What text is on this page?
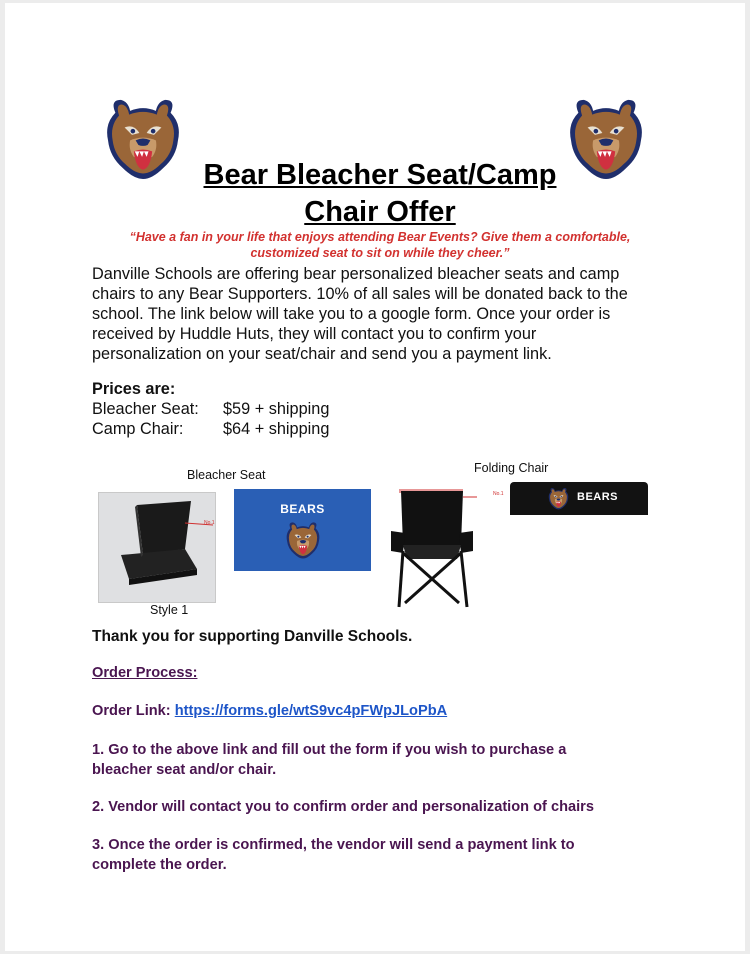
Bear Bleacher Seat/Camp
Chair Offer
“Have a fan in your life that enjoys attending Bear Events? Give them a comfortable,
customized seat to sit on while they cheer.”
Danville Schools are offering bear personalized bleacher seats and camp
chairs to any Bear Supporters. 10% of all sales will be donated back to the
school. The link below will take you to a google form. Once your order is
received by Huddle Huts, they will contact you to confirm your
personalization on your seat/chair and send you a payment link.
Prices are:
Bleacher Seat: $59 + shipping
Camp Chair: $64 + shipping
Bleacher Seat	Folding Chair
No.1
Style 1
BEARS
No.1	BEARS
Thank you for supporting Danville Schools.
Order Process:
Order Link: https://forms.gle/wtS9vc4pFWpJLoPbA
1. Go to the above link and fill out the form if you wish to purchase a
bleacher seat and/or chair.
2. Vendor will contact you to confirm order and personalization of chairs
3. Once the order is confirmed, the vendor will send a payment link to
complete the order.
